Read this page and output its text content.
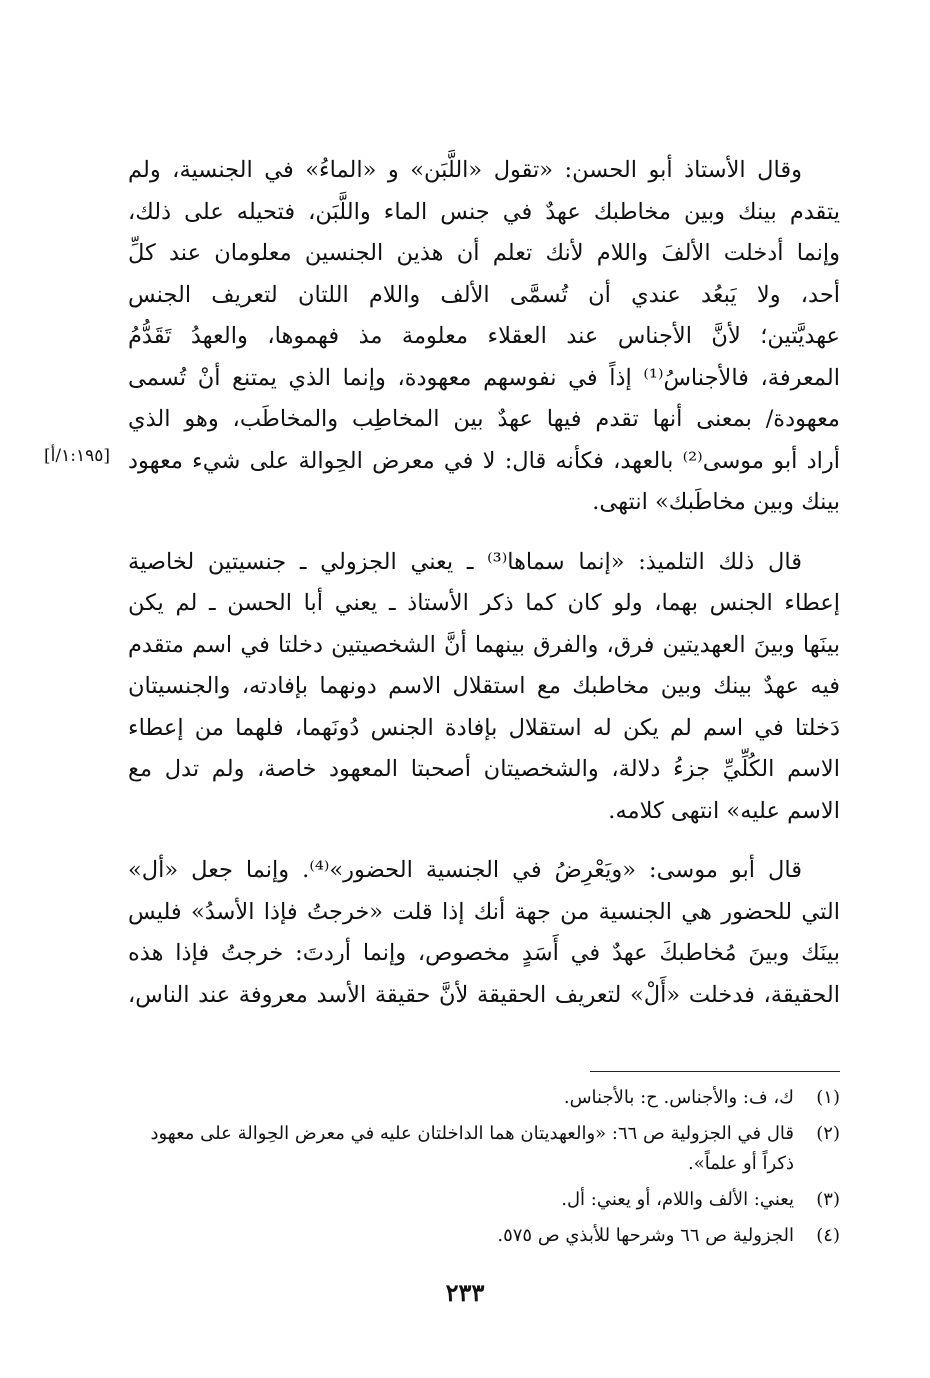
وقال الأستاذ أبو الحسن: «تقول «اللَّبَن» و «الماءُ» في الجنسية، ولم
يتقدم بينك وبين مخاطبك عهدٌ في جنس الماء واللَّبَن، فتحيله على ذلك،
وإنما أدخلت الألفَ واللام لأنك تعلم أن هذين الجنسين معلومان عند كلِّ
أحد، ولا يَبعُد عندي أن تُسمَّى الألف واللام اللتان لتعريف الجنس
عهديَّتين؛ لأنَّ الأجناس عند العقلاء معلومة مذ فهموها، والعهدُ تَقَدُّمُ
المعرفة، فالأجناسُ⁽¹⁾ إذاً في نفوسهم معهودة، وإنما الذي يمتنع أنْ تُسمى
معهودة/ بمعنى أنها تقدم فيها عهدٌ بين المخاطِب والمخاطَب، وهو الذي
أراد أبو موسى⁽²⁾ بالعهد، فكأنه قال: لا في معرض الحِوالة على شيء معهود
بينك وبين مخاطَبك» انتهى.
قال ذلك التلميذ: «إنما سماها⁽³⁾ ـ يعني الجزولي ـ جنسيتين لخاصية
إعطاء الجنس بهما، ولو كان كما ذكر الأستاذ ـ يعني أبا الحسن ـ لم يكن
بينَها وبينَ العهديتين فرق، والفرق بينهما أنَّ الشخصيتين دخلتا في اسم متقدم
فيه عهدٌ بينك وبين مخاطبك مع استقلال الاسم دونهما بإفادته، والجنسيتان
دَخلتا في اسم لم يكن له استقلال بإفادة الجنس دُونَهما، فلهما من إعطاء
الاسم الكُلِّيِّ جزءُ دلالة، والشخصيتان أصحبتا المعهود خاصة، ولم تدل مع
الاسم عليه» انتهى كلامه.
قال أبو موسى: «ويَعْرِضُ في الجنسية الحضور»⁽⁴⁾. وإنما جعل «أل»
التي للحضور هي الجنسية من جهة أنك إذا قلت «خرجتُ فإذا الأسدُ» فليس
بينَك وبينَ مُخاطبكَ عهدٌ في أَسَدٍ مخصوص، وإنما أردتَ: خرجتُ فإذا هذه
الحقيقة، فدخلت «أَلْ» لتعريف الحقيقة لأنَّ حقيقة الأسد معروفة عند الناس،
[١:١٩٥/أ]
(١)
ك، ف: والأجناس. ح: بالأجناس.
(٢)
قال في الجزولية ص ٦٦: «والعهديتان هما الداخلتان عليه في معرض الحِوالة على معهود ذكراً أو علماً».
(٣)
يعني: الألف واللام، أو يعني: أل.
(٤)
الجزولية ص ٦٦ وشرحها للأبذي ص ٥٧٥.
٢٣٣
